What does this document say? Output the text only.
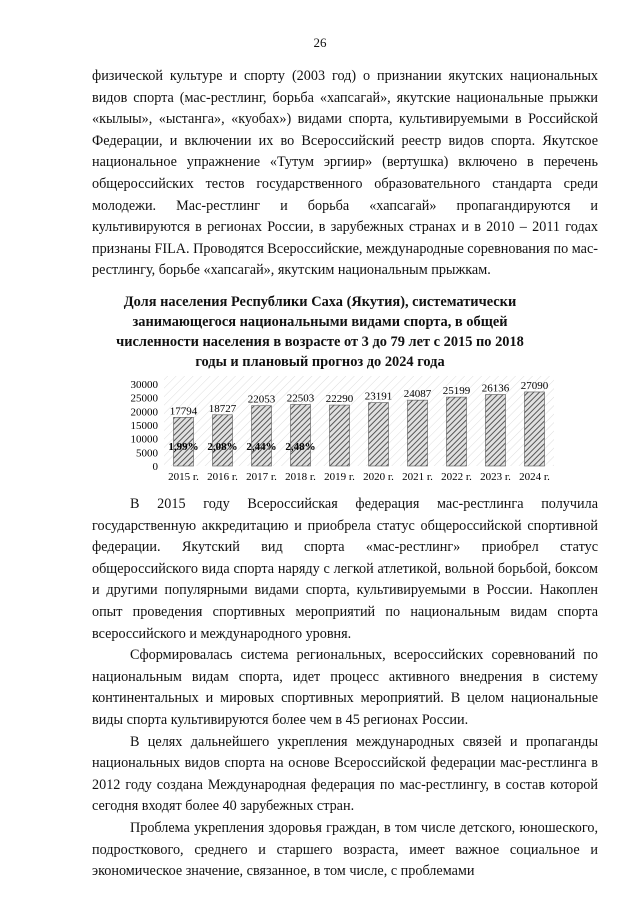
26

физической культуре и спорту (2003 год) о признании якутских национальных видов спорта (мас-рестлинг, борьба «хапсагай», якутские национальные прыжки «кылыы», «ыстанга», «куобах») видами спорта, культивируемыми в Российской Федерации, и включении их во Всероссийский реестр видов спорта. Якутское национальное упражнение «Тутум эргиир» (вертушка) включено в перечень общероссийских тестов государственного образовательного стандарта среди молодежи. Мас-рестлинг и борьба «хапсагай» пропагандируются и культивируются в регионах России, в зарубежных странах и в 2010 – 2011 годах признаны FILA. Проводятся Всероссийские, международные соревнования по мас-рестлингу, борьбе «хапсагай», якутским национальным прыжкам.

Доля населения Республики Саха (Якутия), систематически занимающегося национальными видами спорта, в общей численности населения в возрасте от 3 до 79 лет с 2015 по 2018 годы и плановый прогноз до 2024 года
30000
25000
20000
15000
10000
5000
0
17794
1,99%
18727
2,08%
22053
2,44%
22503
2,48%
22290 23191 24087 25199 26136 27090
2015 г. 2016 г. 2017 г. 2018 г. 2019 г. 2020 г. 2021 г. 2022 г. 2023 г. 2024 г.

В 2015 году Всероссийская федерация мас-рестлинга получила государственную аккредитацию и приобрела статус общероссийской спортивной федерации. Якутский вид спорта «мас-рестлинг» приобрел статус общероссийского вида спорта наряду с легкой атлетикой, вольной борьбой, боксом и другими популярными видами спорта, культивируемыми в России. Накоплен опыт проведения спортивных мероприятий по национальным видам спорта всероссийского и международного уровня.

Сформировалась система региональных, всероссийских соревнований по национальным видам спорта, идет процесс активного внедрения в систему континентальных и мировых спортивных мероприятий. В целом национальные виды спорта культивируются более чем в 45 регионах России.

В целях дальнейшего укрепления международных связей и пропаганды национальных видов спорта на основе Всероссийской федерации мас-рестлинга в 2012 году создана Международная федерация по мас-рестлингу, в состав которой сегодня входят более 40 зарубежных стран.

Проблема укрепления здоровья граждан, в том числе детского, юношеского, подросткового, среднего и старшего возраста, имеет важное социальное и экономическое значение, связанное, в том числе, с проблемами
